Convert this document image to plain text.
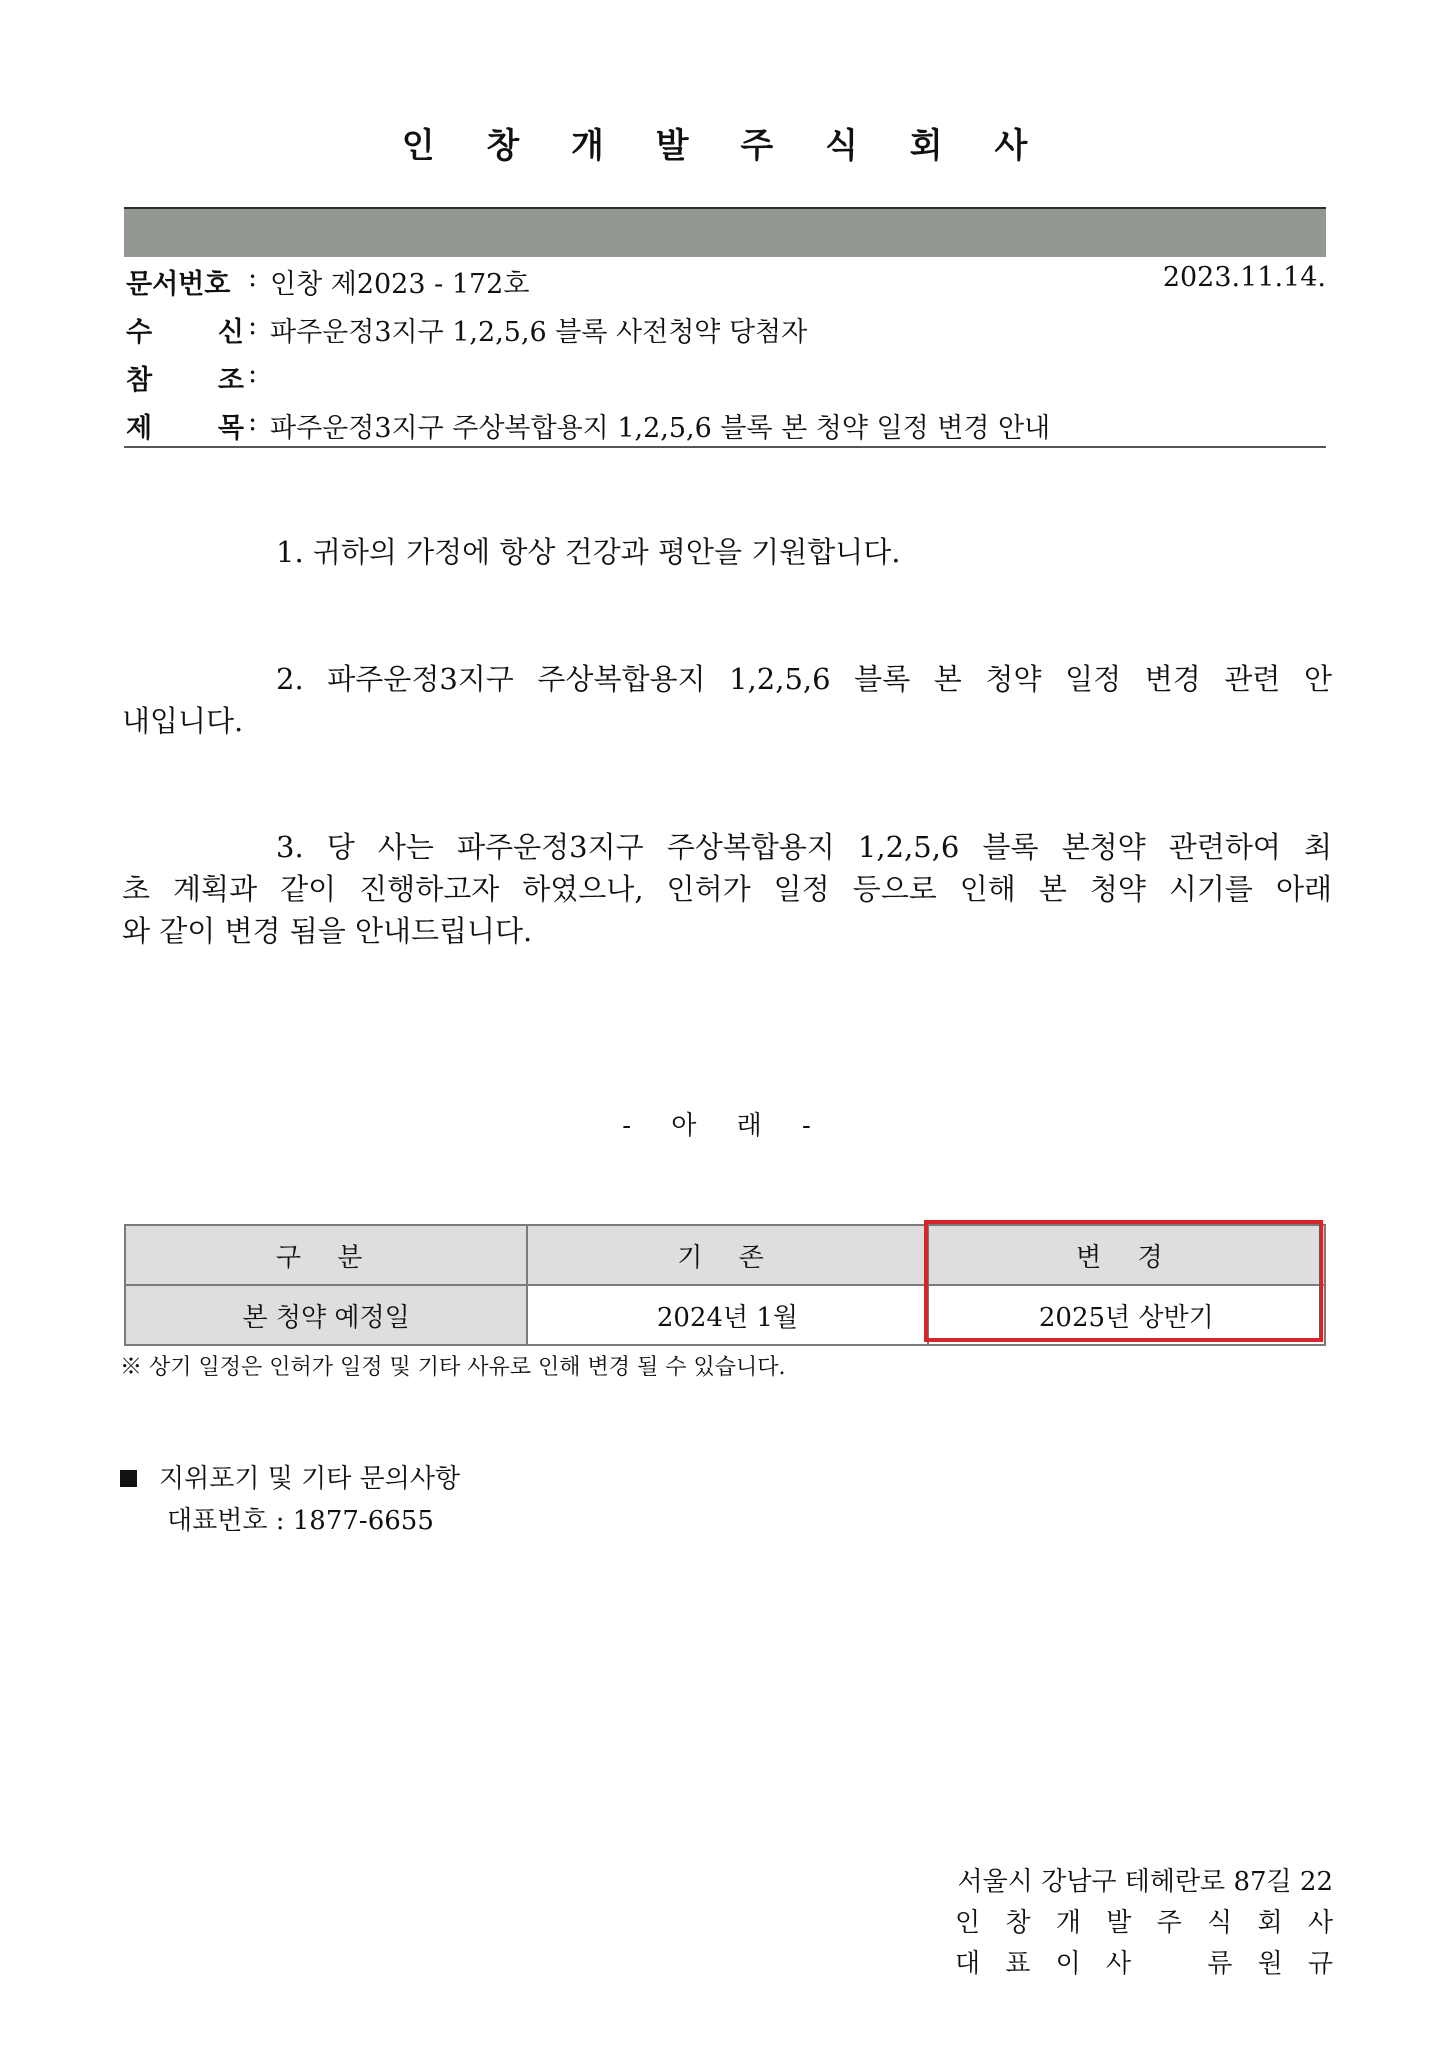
인 창 개 발 주 식 회 사
문서번호 : 인창 제2023 - 172호	2023.11.14.
수 신 : 파주운정3지구 1,2,5,6 블록 사전청약 당첨자
참 조 :
제 목 : 파주운정3지구 주상복합용지 1,2,5,6 블록 본 청약 일정 변경 안내
1. 귀하의 가정에 항상 건강과 평안을 기원합니다.
2. 파주운정3지구 주상복합용지 1,2,5,6 블록 본 청약 일정 변경 관련 안
내입니다.
3. 당 사는 파주운정3지구 주상복합용지 1,2,5,6 블록 본청약 관련하여 최
초 계획과 같이 진행하고자 하였으나, 인허가 일정 등으로 인해 본 청약 시기를 아래
와 같이 변경 됨을 안내드립니다.
- 아 래 -
구 분	기 존	변 경
본 청약 예정일	2024년 1월	2025년 상반기
※ 상기 일정은 인허가 일정 및 기타 사유로 인해 변경 될 수 있습니다.
지위포기 및 기타 문의사항
대표번호 : 1877-6655
서울시 강남구 테헤란로 87길 22
인 창 개 발 주 식 회 사
대 표 이 사	류 원 규
